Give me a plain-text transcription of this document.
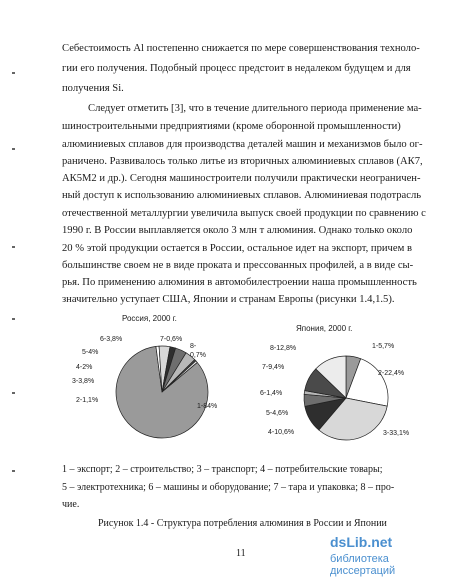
Себестоимость Al постепенно снижается по мере совершенствования техноло-
гии его получения. Подобный процесс предстоит в недалеком будущем и для
получения Si.
Следует отметить [3], что в течение длительного периода применение ма-
шиностроительными предприятиями (кроме оборонной промышленности)
алюминиевых сплавов для производства деталей машин и механизмов было ог-
раничено. Развивалось только литье из вторичных алюминиевых сплавов (АК7,
АК5М2 и др.). Сегодня машиностроители получили практически неограничен-
ный доступ к использованию алюминиевых сплавов. Алюминиевая подотрасль
отечественной металлургии увеличила выпуск своей продукции по сравнению с
1990 г. В России выплавляется около 3 млн т алюминия. Однако только около
20 % этой продукции остается в России, остальное идет на экспорт, причем в
большинстве своем не в виде проката и прессованных профилей, а в виде сы-
рья. По применению алюминия в автомобилестроении наша промышленность
значительно уступает США, Японии и странам Европы (рисунки 1.4,1.5).
Россия, 2000 г.
1-84%
2-1,1%
3-3,8%
4-2%
5-4%
6-3,8%	7-0,6%
8-0,7%
Япония, 2000 г.
1-5,7%
2-22,4%
3-33,1%
4-10,6%
5-4,6%
6-1,4%
7-9,4%
8-12,8%
1 – экспорт; 2 – строительство; 3 – транспорт; 4 – потребительские товары;
5 – электротехника; 6 – машины и оборудование; 7 – тара и упаковка; 8 – про-
чие.
Рисунок 1.4 - Структура потребления алюминия в России и Японии
11
dsLib.net
библиотека диссертаций
